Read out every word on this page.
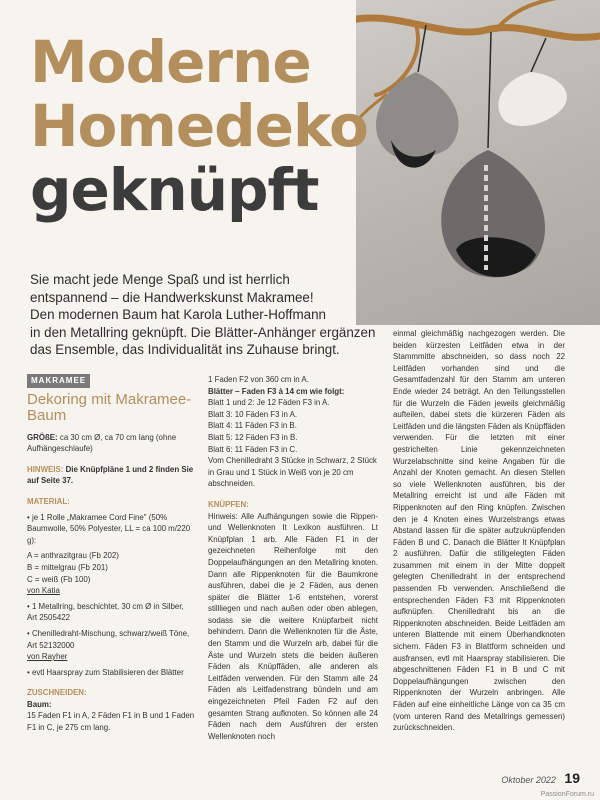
Moderne
Homedeko
geknüpft

Sie macht jede Menge Spaß und ist herrlich
entspannend – die Handwerkskunst Makramee!
Den modernen Baum hat Karola Luther-Hoffmann
in den Metallring geknüpft. Die Blätter-Anhänger ergänzen
das Ensemble, das Individualität ins Zuhause bringt.

MAKRAMEE
Dekoring mit Makramee-Baum

GRÖßE: ca 30 cm Ø, ca 70 cm lang (ohne Aufhängeschlaufe)

HINWEIS: Die Knüpfpläne 1 und 2 finden Sie auf Seite 37.

MATERIAL:

• je 1 Rolle „Makramee Cord Fine" (50% Baumwolle, 50% Polyester, LL = ca 100 m/220 g):

A = anthrazitgrau (Fb 202)

B = mittelgrau (Fb 201)

C = weiß (Fb 100)

von Katia

• 1 Metallring, beschichtet, 30 cm Ø in Silber, Art 2505422

• Chenilledraht-Mischung, schwarz/weiß Töne, Art 52132000

von Rayher

• evtl Haarspray zum Stabilisieren der Blätter

ZUSCHNEIDEN:

Baum:

15 Faden F1 in A, 2 Fäden F1 in B und 1 Faden F1 in C, je 275 cm lang.

1 Faden F2 von 360 cm in A.

Blätter – Faden F3 à 14 cm wie folgt:

Blatt 1 und 2: Je 12 Fäden F3 in A.

Blatt 3: 10 Fäden F3 in A.

Blatt 4: 11 Fäden F3 in B.

Blatt 5: 12 Fäden F3 in B.

Blatt 6: 11 Fäden F3 in C.

Vom Chenilledraht 3 Stücke in Schwarz, 2 Stück in Grau und 1 Stück in Weiß von je 20 cm abschneiden.

KNÜPFEN:

Hinweis: Alle Aufhängungen sowie die Rippen- und Wellenknoten It Lexikon ausführen. Lt Knüpfplan 1 arb. Alle Fäden F1 in der gezeichneten Reihenfolge mit den Doppelaufhängungen an den Metallring knoten. Dann alle Rippenknoten für die Baumkrone ausführen, dabei die je 2 Fäden, aus denen später die Blätter 1-6 entstehen, vorerst stillliegen und nach außen oder oben ablegen, sodass sie die weitere Knüpfarbeit nicht behindern. Dann die Wellenknoten für die Äste, den Stamm und die Wurzeln arb, dabei für die Äste und Wurzeln stets die beiden äußeren Fäden als Knüpffäden, alle anderen als Leitfäden verwenden. Für den Stamm alle 24 Fäden als Leitfadenstrang bündeln und am eingezeichneten Pfeil Faden F2 auf den gesamten Strang aufknoten. So können alle 24 Fäden nach dem Ausführen der ersten Wellenknoten noch

einmal gleichmäßig nachgezogen werden. Die beiden kürzesten Leitfäden etwa in der Stammmitte abschneiden, so dass noch 22 Leitfäden vorhanden sind und die Gesamtfadenzahl für den Stamm am unteren Ende wieder 24 beträgt. An den Teilungsstellen für die Wurzeln die Fäden jeweils gleichmäßig aufteilen, dabei stets die kürzeren Fäden als Leitfäden und die längsten Fäden als Knüpffäden verwenden. Für die letzten mit einer gestrichelten Linie gekennzeichneten Wurzelabschnitte sind keine Angaben für die Anzahl der Knoten gemacht. An diesen Stellen so viele Wellenknoten ausführen, bis der Metallring erreicht ist und alle Fäden mit Rippenknoten auf den Ring knüpfen. Zwischen den je 4 Knoten eines Wurzelstrangs etwas Abstand lassen für die später aufzuknüpfenden Fäden B und C. Danach die Blätter lt Knüpfplan 2 ausführen. Dafür die stillgelegten Fäden zusammen mit einem in der Mitte doppelt gelegten Chenilledraht in der entsprechend passenden Fb verwenden. Anschließend die entsprechenden Fäden F3 mit Rippenknoten aufknüpfen. Chenilledraht bis an die Rippenknoten abschneiden. Beide Leitfäden am unteren Blattende mit einem Überhandknoten sichern. Fäden F3 in Blattform schneiden und ausfransen, evtl mit Haarspray stabilisieren. Die abgeschnittenen Fäden F1 in B und C mit Doppelaufhängungen zwischen den Rippenknoten der Wurzeln anbringen. Alle Fäden auf eine einheitliche Länge von ca 35 cm (vom unteren Rand des Metallrings gemessen) zurückschneiden.

Oktober 2022 19
PassionForum.ru
